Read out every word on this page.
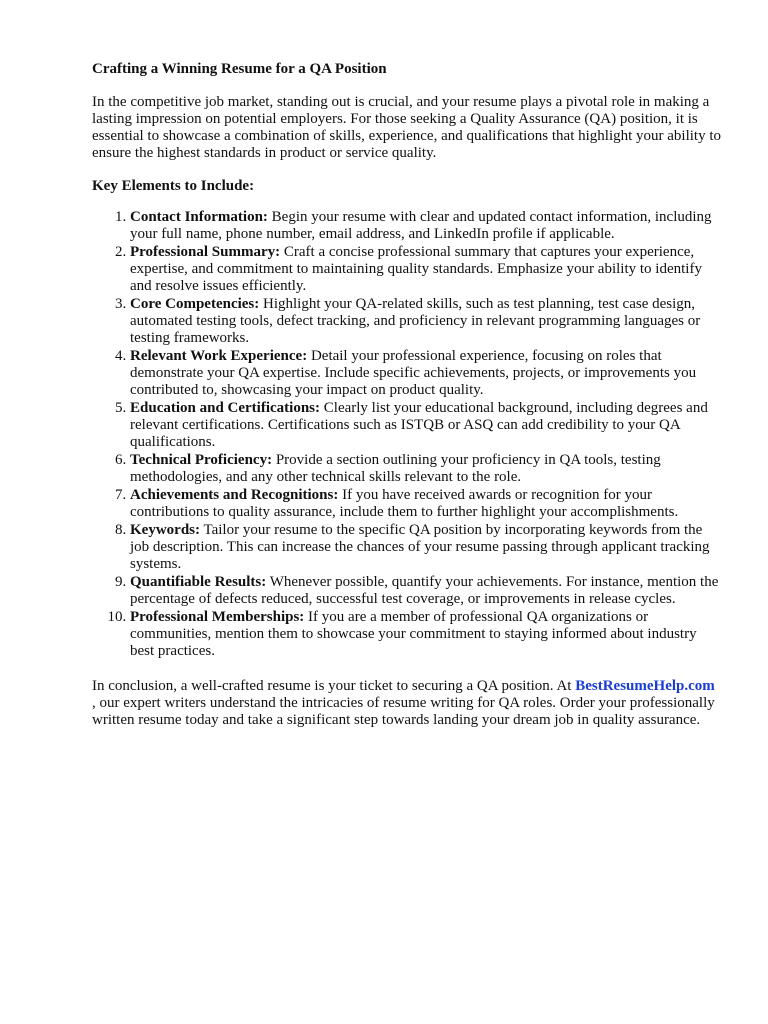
Crafting a Winning Resume for a QA Position

In the competitive job market, standing out is crucial, and your resume plays a pivotal role in making a lasting impression on potential employers. For those seeking a Quality Assurance (QA) position, it is essential to showcase a combination of skills, experience, and qualifications that highlight your ability to ensure the highest standards in product or service quality.

Key Elements to Include:
1. Contact Information: Begin your resume with clear and updated contact information, including your full name, phone number, email address, and LinkedIn profile if applicable.
2. Professional Summary: Craft a concise professional summary that captures your experience, expertise, and commitment to maintaining quality standards. Emphasize your ability to identify and resolve issues efficiently.
3. Core Competencies: Highlight your QA-related skills, such as test planning, test case design, automated testing tools, defect tracking, and proficiency in relevant programming languages or testing frameworks.
4. Relevant Work Experience: Detail your professional experience, focusing on roles that demonstrate your QA expertise. Include specific achievements, projects, or improvements you contributed to, showcasing your impact on product quality.
5. Education and Certifications: Clearly list your educational background, including degrees and relevant certifications. Certifications such as ISTQB or ASQ can add credibility to your QA qualifications.
6. Technical Proficiency: Provide a section outlining your proficiency in QA tools, testing methodologies, and any other technical skills relevant to the role.
7. Achievements and Recognitions: If you have received awards or recognition for your contributions to quality assurance, include them to further highlight your accomplishments.
8. Keywords: Tailor your resume to the specific QA position by incorporating keywords from the job description. This can increase the chances of your resume passing through applicant tracking systems.
9. Quantifiable Results: Whenever possible, quantify your achievements. For instance, mention the percentage of defects reduced, successful test coverage, or improvements in release cycles.
10. Professional Memberships: If you are a member of professional QA organizations or communities, mention them to showcase your commitment to staying informed about industry best practices.

In conclusion, a well-crafted resume is your ticket to securing a QA position. At BestResumeHelp.com , our expert writers understand the intricacies of resume writing for QA roles. Order your professionally written resume today and take a significant step towards landing your dream job in quality assurance.
